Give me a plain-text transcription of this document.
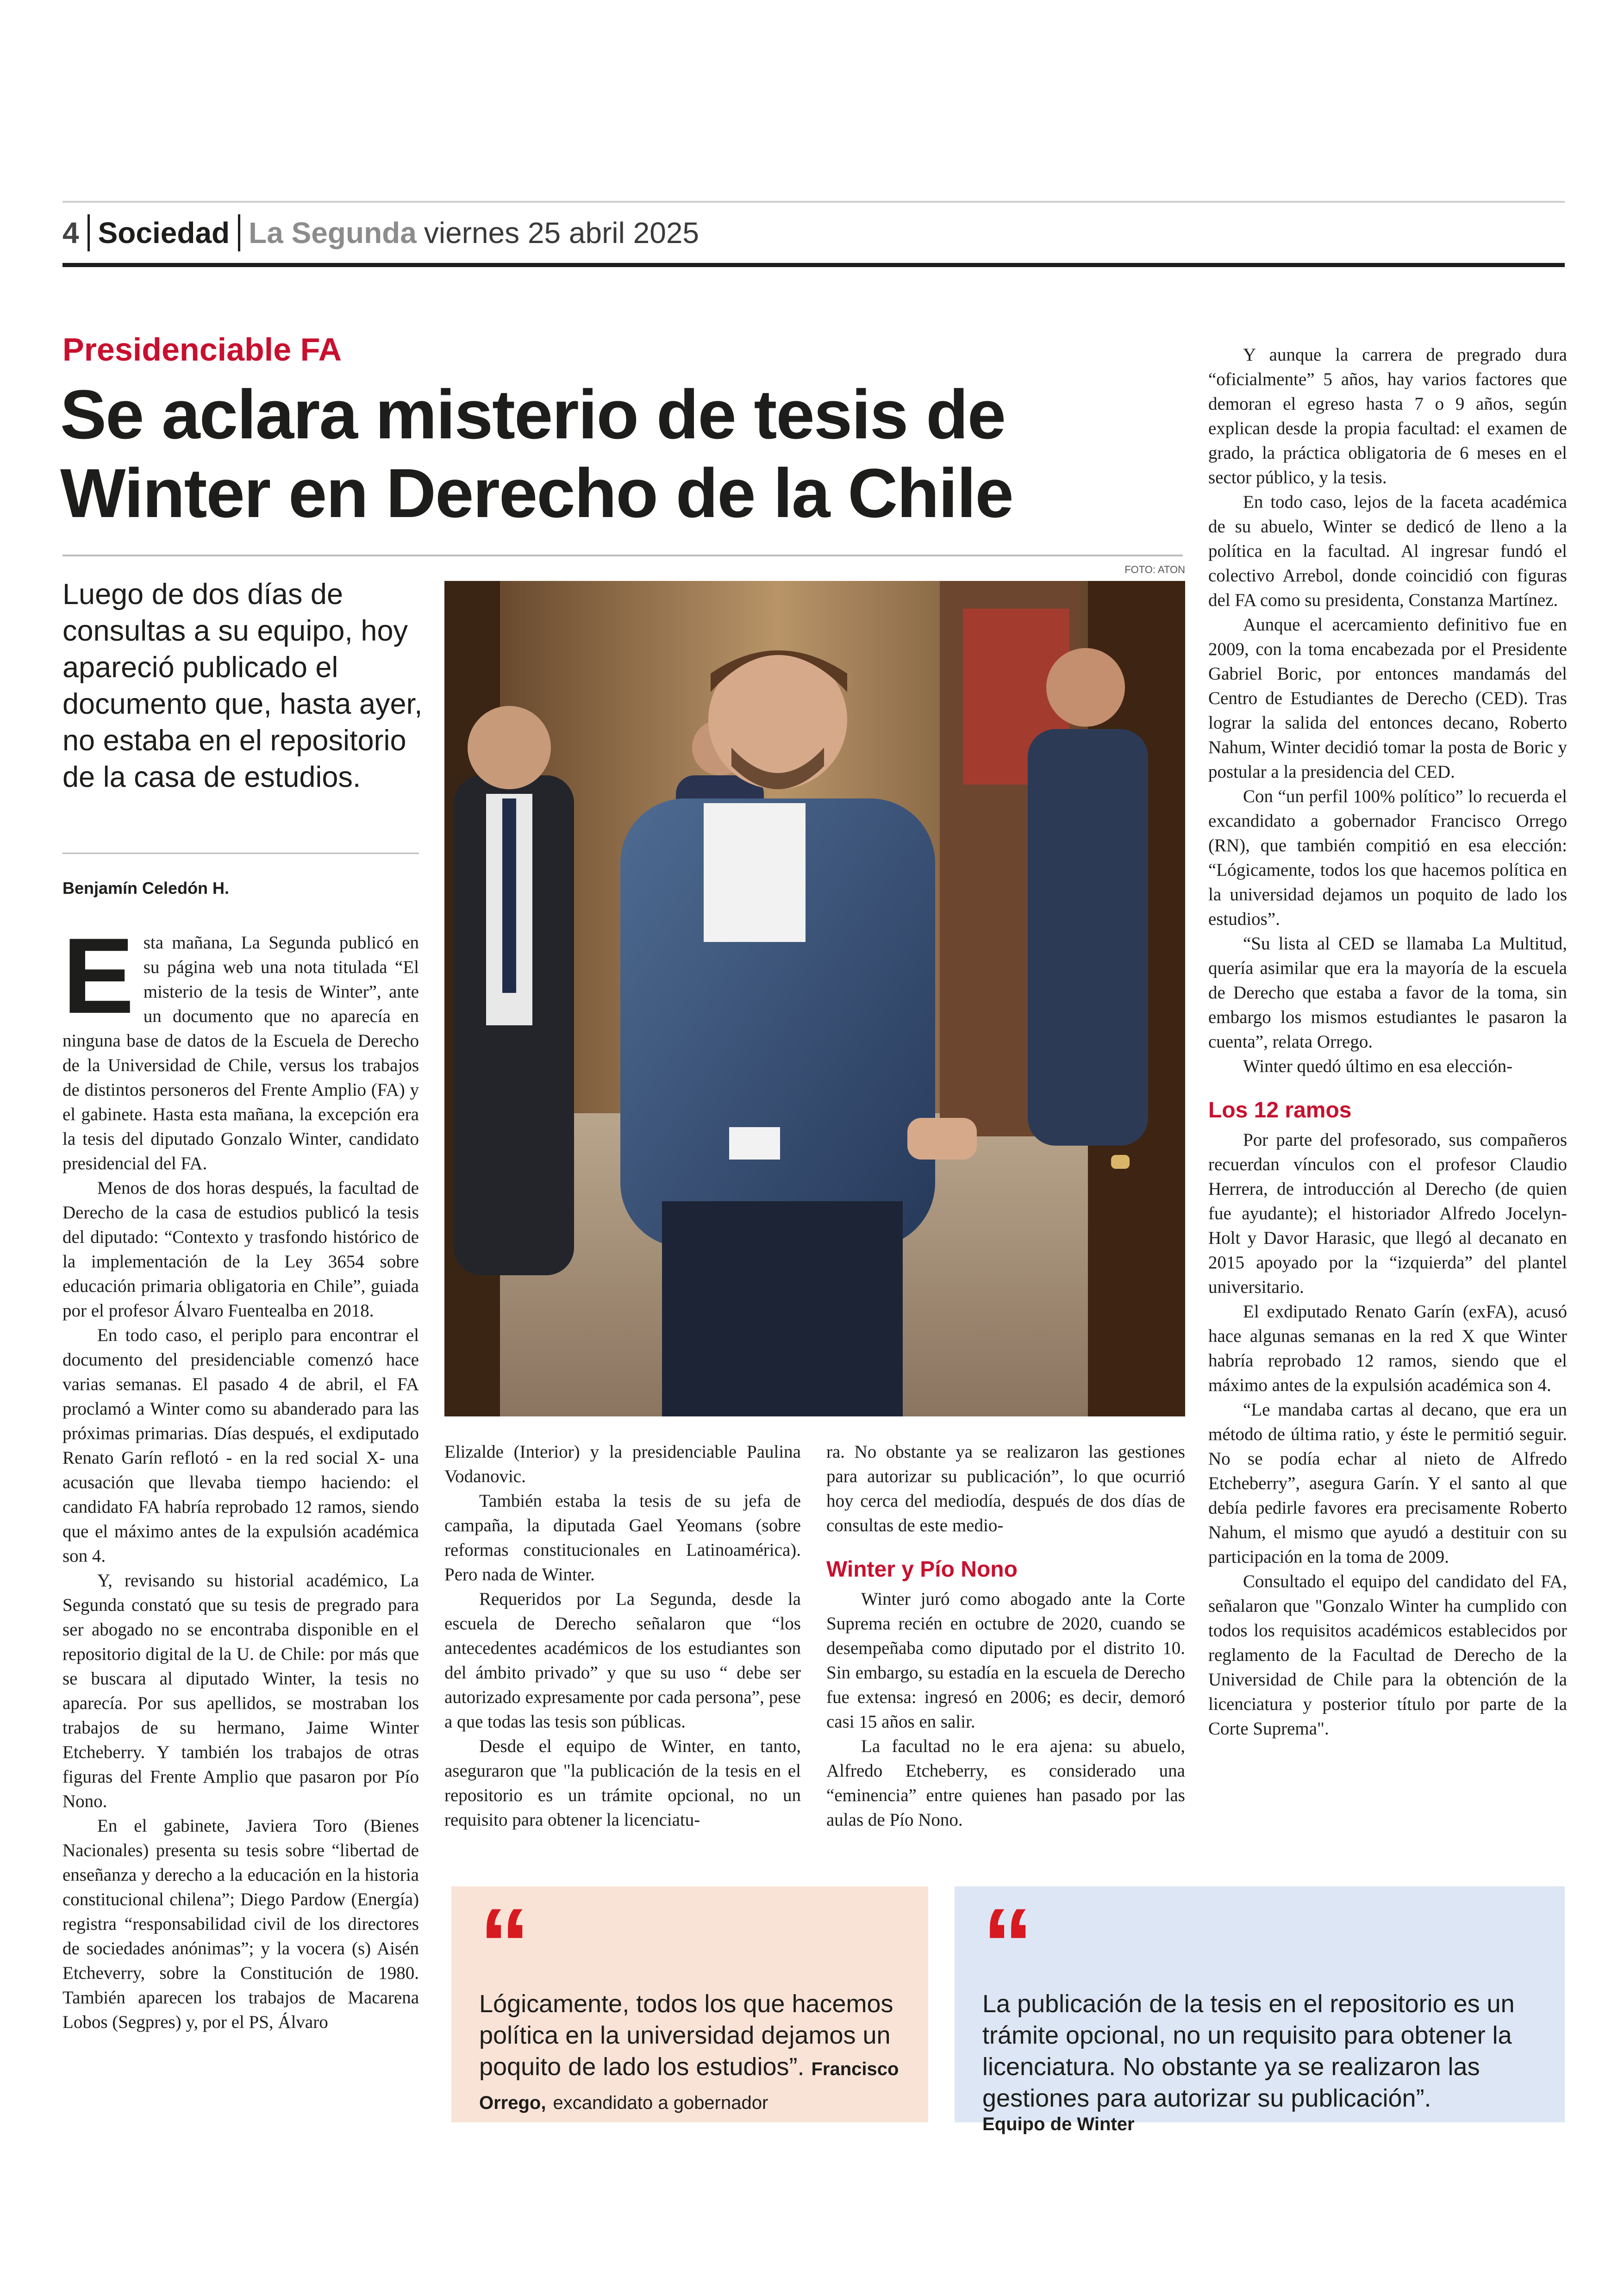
4 Sociedad La Segunda viernes 25 abril 2025
Presidenciable FA
Se aclara misterio de tesis de Winter en Derecho de la Chile
Luego de dos días de consultas a su equipo, hoy apareció publicado el documento que, hasta ayer, no estaba en el repositorio de la casa de estudios.
Benjamín Celedón H.
FOTO: ATON
E sta mañana, La Segunda publicó en su página web una nota titulada “El misterio de la tesis de Winter”, ante un documento que no aparecía en ninguna base de datos de la Escuela de Derecho de la Universidad de Chile, versus los trabajos de distintos personeros del Frente Amplio (FA) y el gabinete. Hasta esta mañana, la excepción era la tesis del diputado Gonzalo Winter, candidato presidencial del FA.

Menos de dos horas después, la facultad de Derecho de la casa de estudios publicó la tesis del diputado: “Contexto y trasfondo histórico de la implementación de la Ley 3654 sobre educación primaria obligatoria en Chile”, guiada por el profesor Álvaro Fuentealba en 2018.

En todo caso, el periplo para encontrar el documento del presidenciable comenzó hace varias semanas. El pasado 4 de abril, el FA proclamó a Winter como su abanderado para las próximas primarias. Días después, el exdiputado Renato Garín reflotó - en la red social X- una acusación que llevaba tiempo haciendo: el candidato FA habría reprobado 12 ramos, siendo que el máximo antes de la expulsión académica son 4.

Y, revisando su historial académico, La Segunda constató que su tesis de pregrado para ser abogado no se encontraba disponible en el repositorio digital de la U. de Chile: por más que se buscara al diputado Winter, la tesis no aparecía. Por sus apellidos, se mostraban los trabajos de su hermano, Jaime Winter Etcheberry. Y también los trabajos de otras figuras del Frente Amplio que pasaron por Pío Nono.

En el gabinete, Javiera Toro (Bienes Nacionales) presenta su tesis sobre “libertad de enseñanza y derecho a la educación en la historia constitucional chilena”; Diego Pardow (Energía) registra “responsabilidad civil de los directores de sociedades anónimas”; y la vocera (s) Aisén Etcheverry, sobre la Constitución de 1980. También aparecen los trabajos de Macarena Lobos (Segpres) y, por el PS, Álvaro

Elizalde (Interior) y la presidenciable Paulina Vodanovic.

También estaba la tesis de su jefa de campaña, la diputada Gael Yeomans (sobre reformas constitucionales en Latinoamérica). Pero nada de Winter.

Requeridos por La Segunda, desde la escuela de Derecho señalaron que “los antecedentes académicos de los estudiantes son del ámbito privado” y que su uso “ debe ser autorizado expresamente por cada persona”, pese a que todas las tesis son públicas.

Desde el equipo de Winter, en tanto, aseguraron que "la publicación de la tesis en el repositorio es un trámite opcional, no un requisito para obtener la licenciatu-

ra. No obstante ya se realizaron las gestiones para autorizar su publicación”, lo que ocurrió hoy cerca del mediodía, después de dos días de consultas de este medio-

Winter y Pío Nono

Winter juró como abogado ante la Corte Suprema recién en octubre de 2020, cuando se desempeñaba como diputado por el distrito 10. Sin embargo, su estadía en la escuela de Derecho fue extensa: ingresó en 2006; es decir, demoró casi 15 años en salir.

La facultad no le era ajena: su abuelo, Alfredo Etcheberry, es considerado una “eminencia” entre quienes han pasado por las aulas de Pío Nono.

Y aunque la carrera de pregrado dura “oficialmente” 5 años, hay varios factores que demoran el egreso hasta 7 o 9 años, según explican desde la propia facultad: el examen de grado, la práctica obligatoria de 6 meses en el sector público, y la tesis.

En todo caso, lejos de la faceta académica de su abuelo, Winter se dedicó de lleno a la política en la facultad. Al ingresar fundó el colectivo Arrebol, donde coincidió con figuras del FA como su presidenta, Constanza Martínez.

Aunque el acercamiento definitivo fue en 2009, con la toma encabezada por el Presidente Gabriel Boric, por entonces mandamás del Centro de Estudiantes de Derecho (CED). Tras lograr la salida del entonces decano, Roberto Nahum, Winter decidió tomar la posta de Boric y postular a la presidencia del CED.

Con “un perfil 100% político” lo recuerda el excandidato a gobernador Francisco Orrego (RN), que también compitió en esa elección: “Lógicamente, todos los que hacemos política en la universidad dejamos un poquito de lado los estudios”.

“Su lista al CED se llamaba La Multitud, quería asimilar que era la mayoría de la escuela de Derecho que estaba a favor de la toma, sin embargo los mismos estudiantes le pasaron la cuenta”, relata Orrego.

Winter quedó último en esa elección-

Los 12 ramos

Por parte del profesorado, sus compañeros recuerdan vínculos con el profesor Claudio Herrera, de introducción al Derecho (de quien fue ayudante); el historiador Alfredo Jocelyn-Holt y Davor Harasic, que llegó al decanato en 2015 apoyado por la “izquierda” del plantel universitario.

El exdiputado Renato Garín (exFA), acusó hace algunas semanas en la red X que Winter habría reprobado 12 ramos, siendo que el máximo antes de la expulsión académica son 4.

“Le mandaba cartas al decano, que era un método de última ratio, y éste le permitió seguir. No se podía echar al nieto de Alfredo Etcheberry”, asegura Garín. Y el santo al que debía pedirle favores era precisamente Roberto Nahum, el mismo que ayudó a destituir con su participación en la toma de 2009.

Consultado el equipo del candidato del FA, señalaron que "Gonzalo Winter ha cumplido con todos los requisitos académicos establecidos por reglamento de la Facultad de Derecho de la Universidad de Chile para la obtención de la licenciatura y posterior título por parte de la Corte Suprema".

“
Lógicamente, todos los que hacemos política en la universidad dejamos un poquito de lado los estudios”. Francisco Orrego, excandidato a gobernador
“
La publicación de la tesis en el repositorio es un trámite opcional, no un requisito para obtener la licenciatura. No obstante ya se realizaron las gestiones para autorizar su publicación”.
Equipo de Winter
